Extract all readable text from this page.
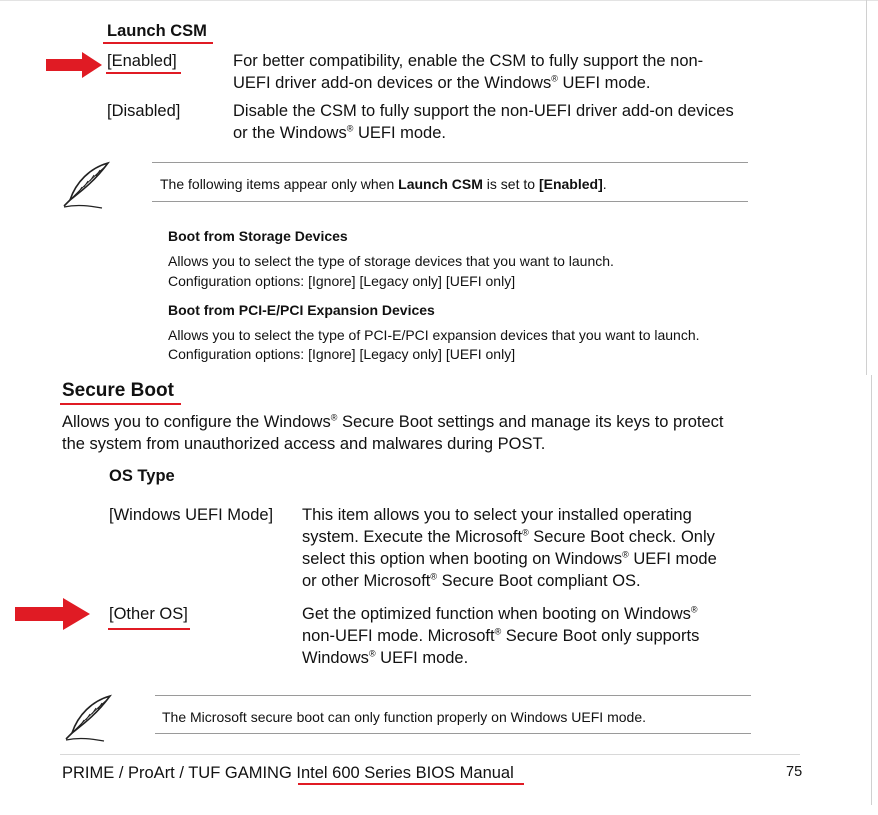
Launch CSM
[Enabled]	For better compatibility, enable the CSM to fully support the non-
UEFI driver add-on devices or the Windows® UEFI mode.
[Disabled]	Disable the CSM to fully support the non-UEFI driver add-on devices
or the Windows® UEFI mode.
The following items appear only when Launch CSM is set to [Enabled].
Boot from Storage Devices
Allows you to select the type of storage devices that you want to launch.
Configuration options: [Ignore] [Legacy only] [UEFI only]
Boot from PCI-E/PCI Expansion Devices
Allows you to select the type of PCI-E/PCI expansion devices that you want to launch.
Configuration options: [Ignore] [Legacy only] [UEFI only]
Secure Boot
Allows you to configure the Windows® Secure Boot settings and manage its keys to protect
the system from unauthorized access and malwares during POST.
OS Type
[Windows UEFI Mode] This item allows you to select your installed operating
system. Execute the Microsoft® Secure Boot check. Only
select this option when booting on Windows® UEFI mode
or other Microsoft® Secure Boot compliant OS.
[Other OS]	Get the optimized function when booting on Windows®
non-UEFI mode. Microsoft® Secure Boot only supports
Windows® UEFI mode.
The Microsoft secure boot can only function properly on Windows UEFI mode.
PRIME / ProArt / TUF GAMING Intel 600 Series BIOS Manual	75
